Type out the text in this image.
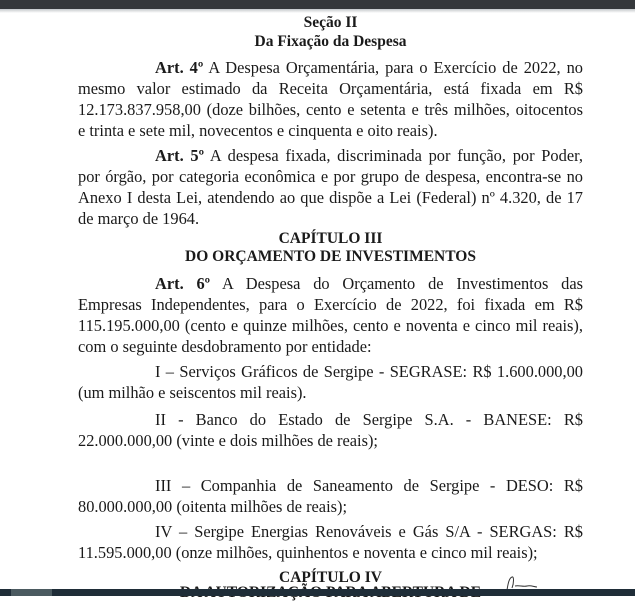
Seção II
Da Fixação da Despesa
Art. 4º A Despesa Orçamentária, para o Exercício de 2022, no
mesmo valor estimado da Receita Orçamentária, está fixada em R$
12.173.837.958,00 (doze bilhões, cento e setenta e três milhões, oitocentos
e trinta e sete mil, novecentos e cinquenta e oito reais).
Art. 5º A despesa fixada, discriminada por função, por Poder,
por órgão, por categoria econômica e por grupo de despesa, encontra-se no
Anexo I desta Lei, atendendo ao que dispõe a Lei (Federal) nº 4.320, de 17
de março de 1964.
CAPÍTULO III
DO ORÇAMENTO DE INVESTIMENTOS
Art. 6º A Despesa do Orçamento de Investimentos das
Empresas Independentes, para o Exercício de 2022, foi fixada em R$
115.195.000,00 (cento e quinze milhões, cento e noventa e cinco mil reais),
com o seguinte desdobramento por entidade:
I – Serviços Gráficos de Sergipe - SEGRASE: R$ 1.600.000,00
(um milhão e seiscentos mil reais).
II - Banco do Estado de Sergipe S.A. - BANESE: R$
22.000.000,00 (vinte e dois milhões de reais);
III – Companhia de Saneamento de Sergipe - DESO: R$
80.000.000,00 (oitenta milhões de reais);
IV – Sergipe Energias Renováveis e Gás S/A - SERGAS: R$
11.595.000,00 (onze milhões, quinhentos e noventa e cinco mil reais);
CAPÍTULO IV
